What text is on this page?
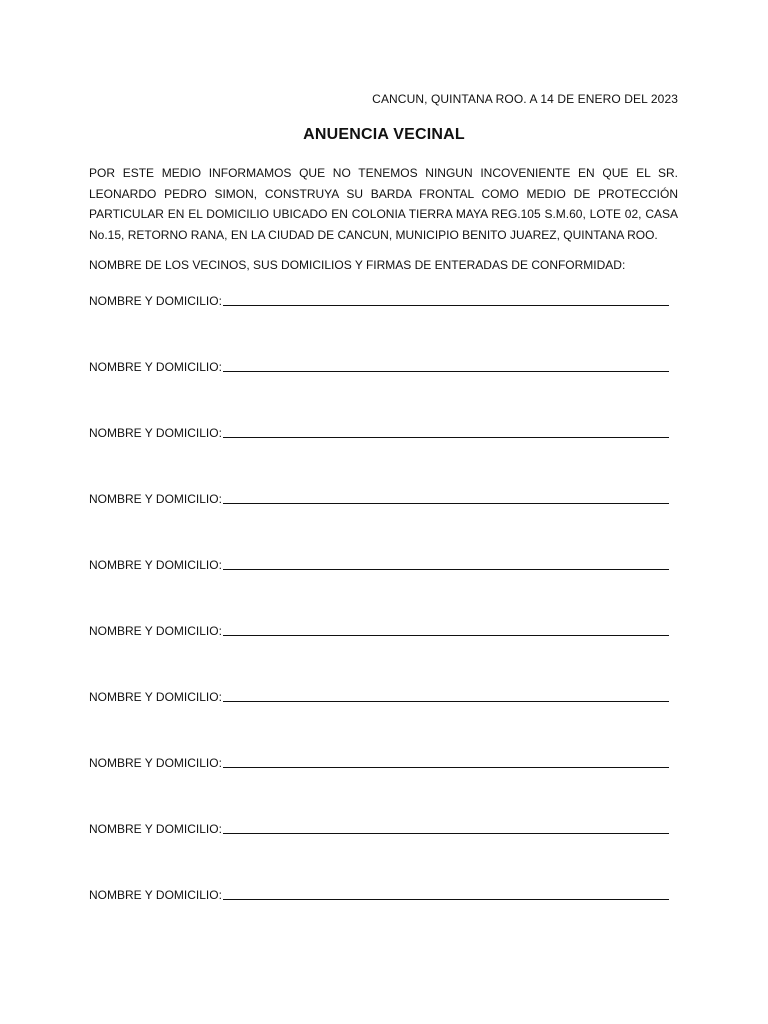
CANCUN, QUINTANA ROO. A 14 DE ENERO DEL 2023
ANUENCIA VECINAL
POR ESTE MEDIO INFORMAMOS QUE NO TENEMOS NINGUN INCOVENIENTE EN QUE EL SR. LEONARDO PEDRO SIMON, CONSTRUYA SU BARDA FRONTAL COMO MEDIO DE PROTECCIÓN PARTICULAR EN EL DOMICILIO UBICADO EN COLONIA TIERRA MAYA REG.105 S.M.60, LOTE 02, CASA No.15, RETORNO RANA, EN LA CIUDAD DE CANCUN, MUNICIPIO BENITO JUAREZ, QUINTANA ROO.
NOMBRE DE LOS VECINOS, SUS DOMICILIOS Y FIRMAS DE ENTERADAS DE CONFORMIDAD:
NOMBRE Y DOMICILIO:
NOMBRE Y DOMICILIO:
NOMBRE Y DOMICILIO:
NOMBRE Y DOMICILIO:
NOMBRE Y DOMICILIO:
NOMBRE Y DOMICILIO:
NOMBRE Y DOMICILIO:
NOMBRE Y DOMICILIO:
NOMBRE Y DOMICILIO:
NOMBRE Y DOMICILIO:
